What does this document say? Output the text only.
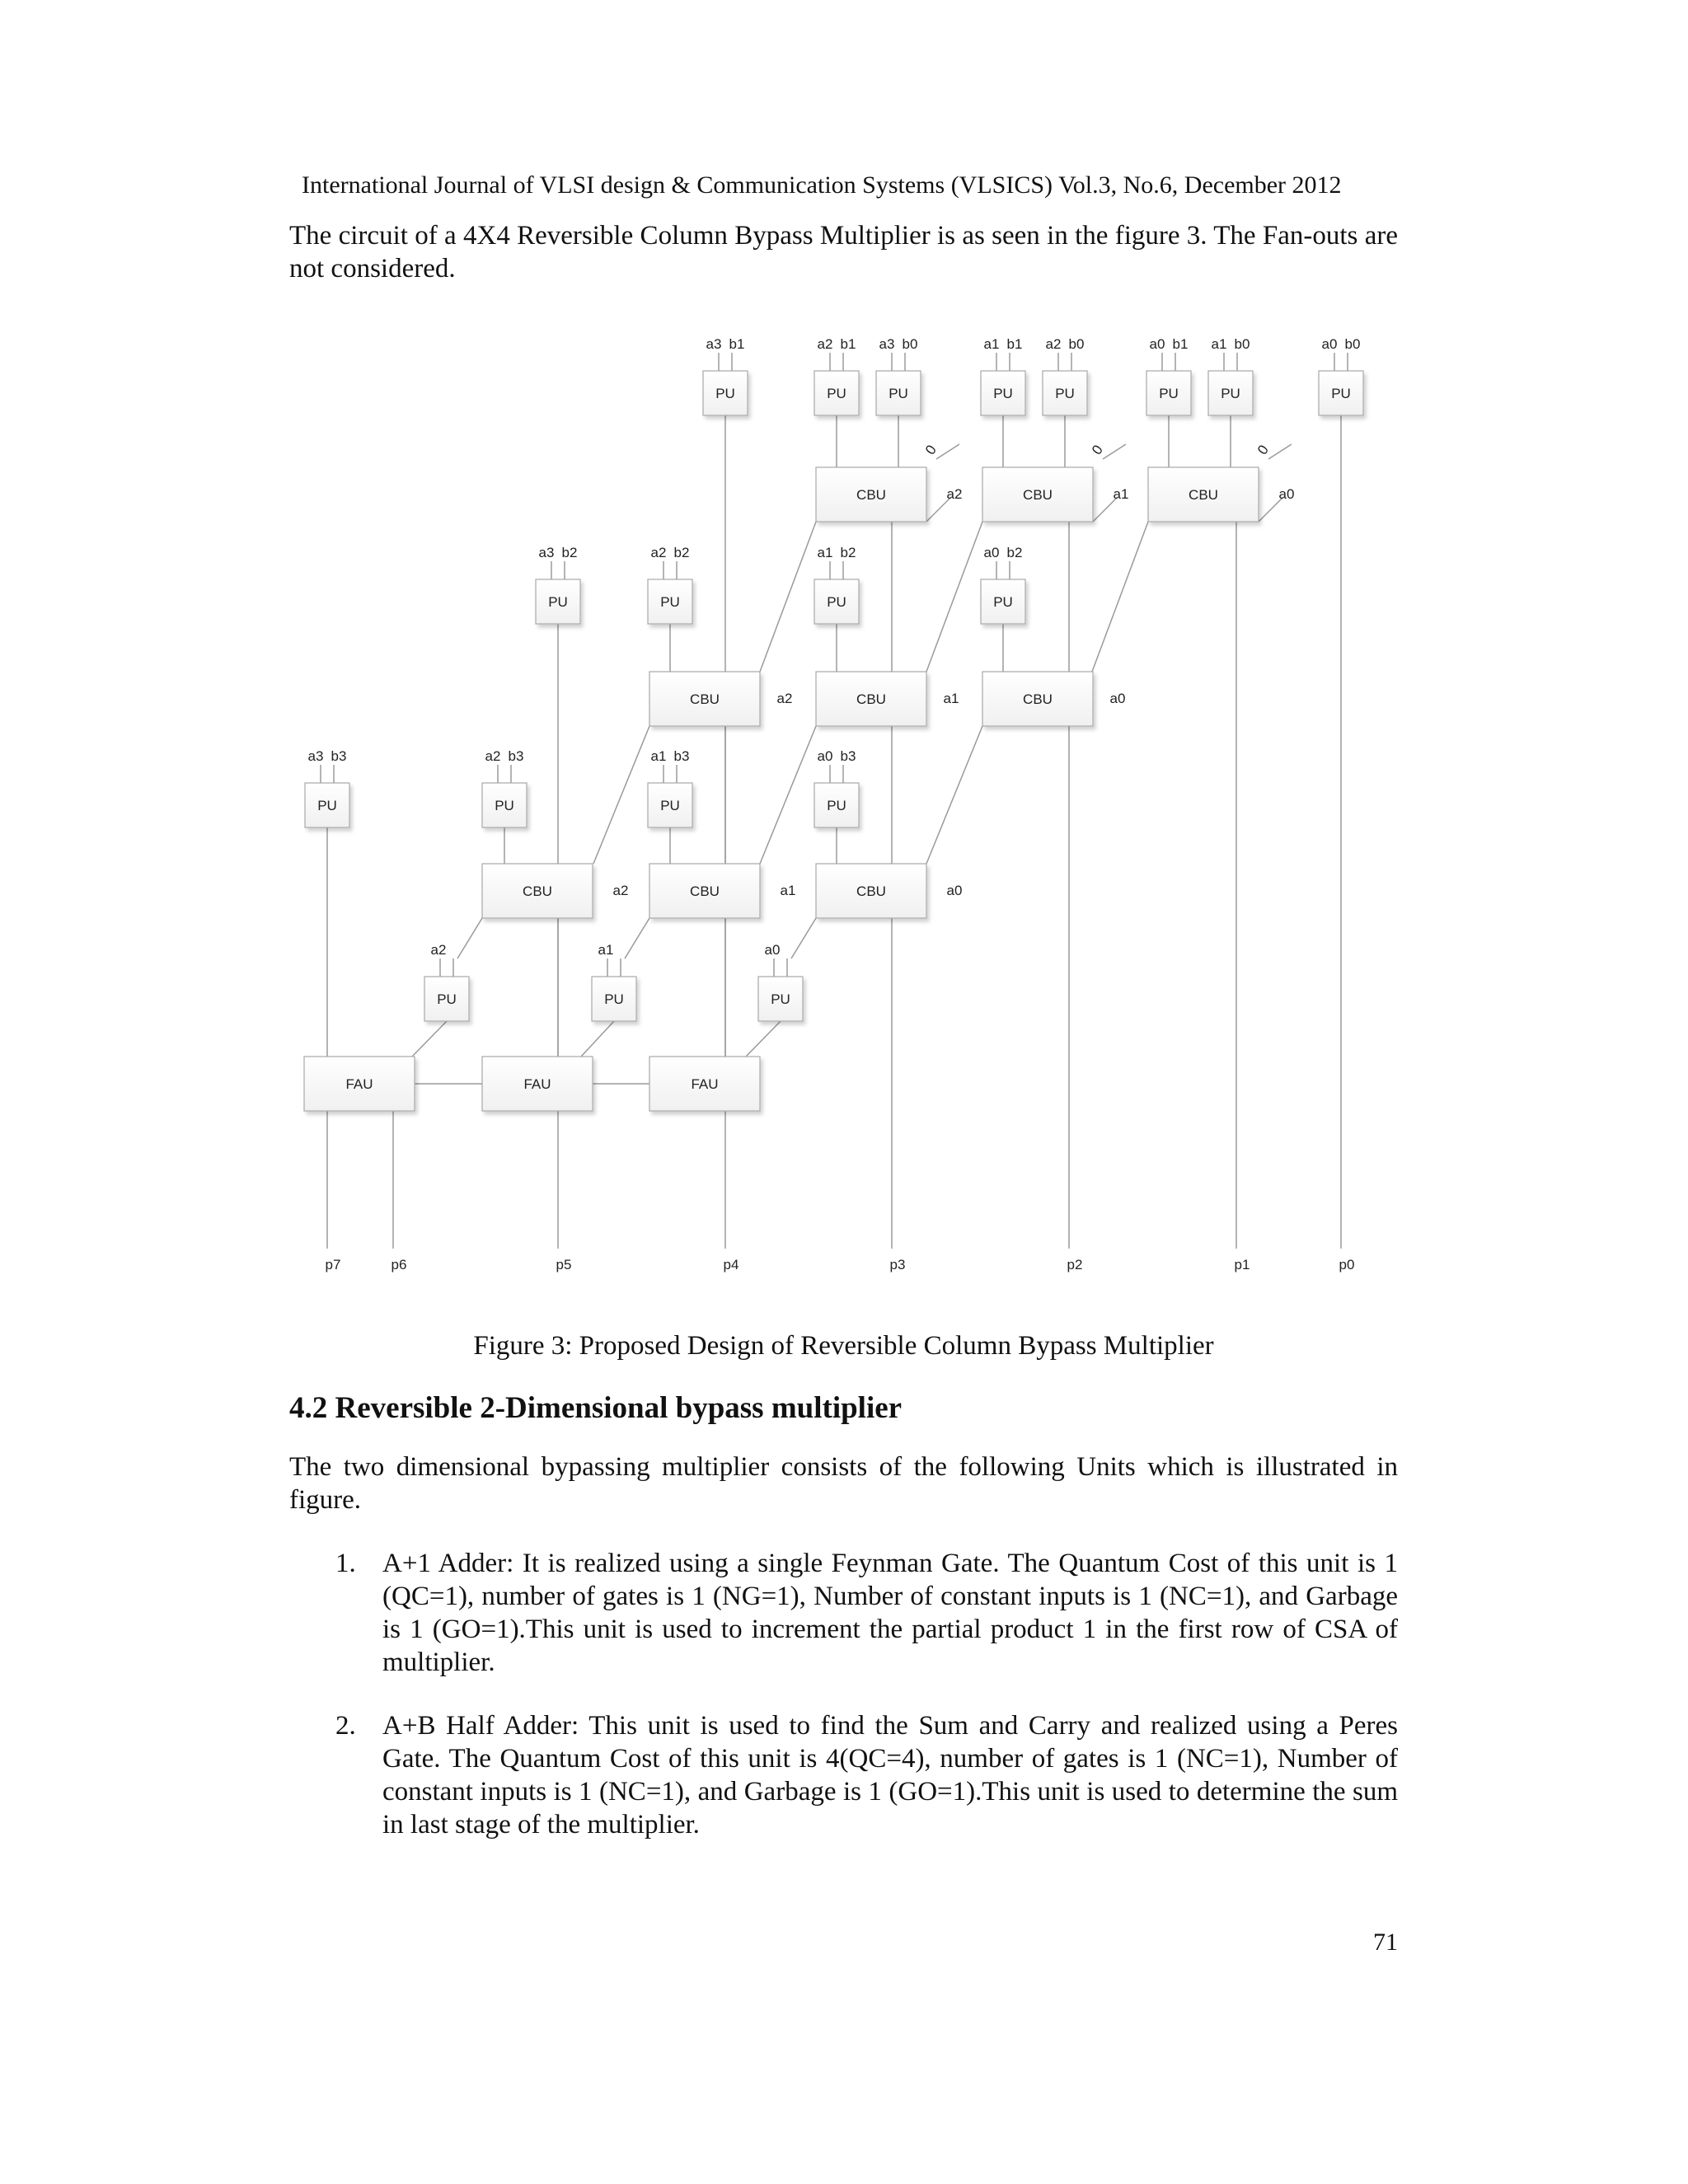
International Journal of VLSI design & Communication Systems (VLSICS) Vol.3, No.6, December 2012
The circuit of a 4X4 Reversible Column Bypass Multiplier is as seen in the figure 3. The Fan-outs are not considered.
a3 b1
PU
a2 b1
PU
a3 b0
PU
a1 b1
PU
a2 b0
PU
a0 b1
PU
a1 b0
PU
a0 b0
PU
CBU	a2
0
CBU	a1
0
CBU	a0
0
a3 b2
PU
a2 b2
PU
a1 b2
PU
a0 b2
PU
CBU	a2	CBU	a1	CBU	a0
a3 b3
PU
a2 b3
PU
a1 b3
PU
a0 b3
PU
CBU	a2	CBU	a1	CBU	a0
a2
PU
a1
PU
a0
PU
FAU	FAU	FAU
p7	p6	p5	p4	p3	p2	p1	p0
Figure 3: Proposed Design of Reversible Column Bypass Multiplier
4.2 Reversible 2-Dimensional bypass multiplier
The two dimensional bypassing multiplier consists of the following Units which is illustrated in figure.
1. A+1 Adder: It is realized using a single Feynman Gate. The Quantum Cost of this unit is 1 (QC=1), number of gates is 1 (NG=1), Number of constant inputs is 1 (NC=1), and Garbage is 1 (GO=1).This unit is used to increment the partial product 1 in the first row of CSA of multiplier.
2. A+B Half Adder: This unit is used to find the Sum and Carry and realized using a Peres Gate. The Quantum Cost of this unit is 4(QC=4), number of gates is 1 (NC=1), Number of constant inputs is 1 (NC=1), and Garbage is 1 (GO=1).This unit is used to determine the sum in last stage of the multiplier.
71
